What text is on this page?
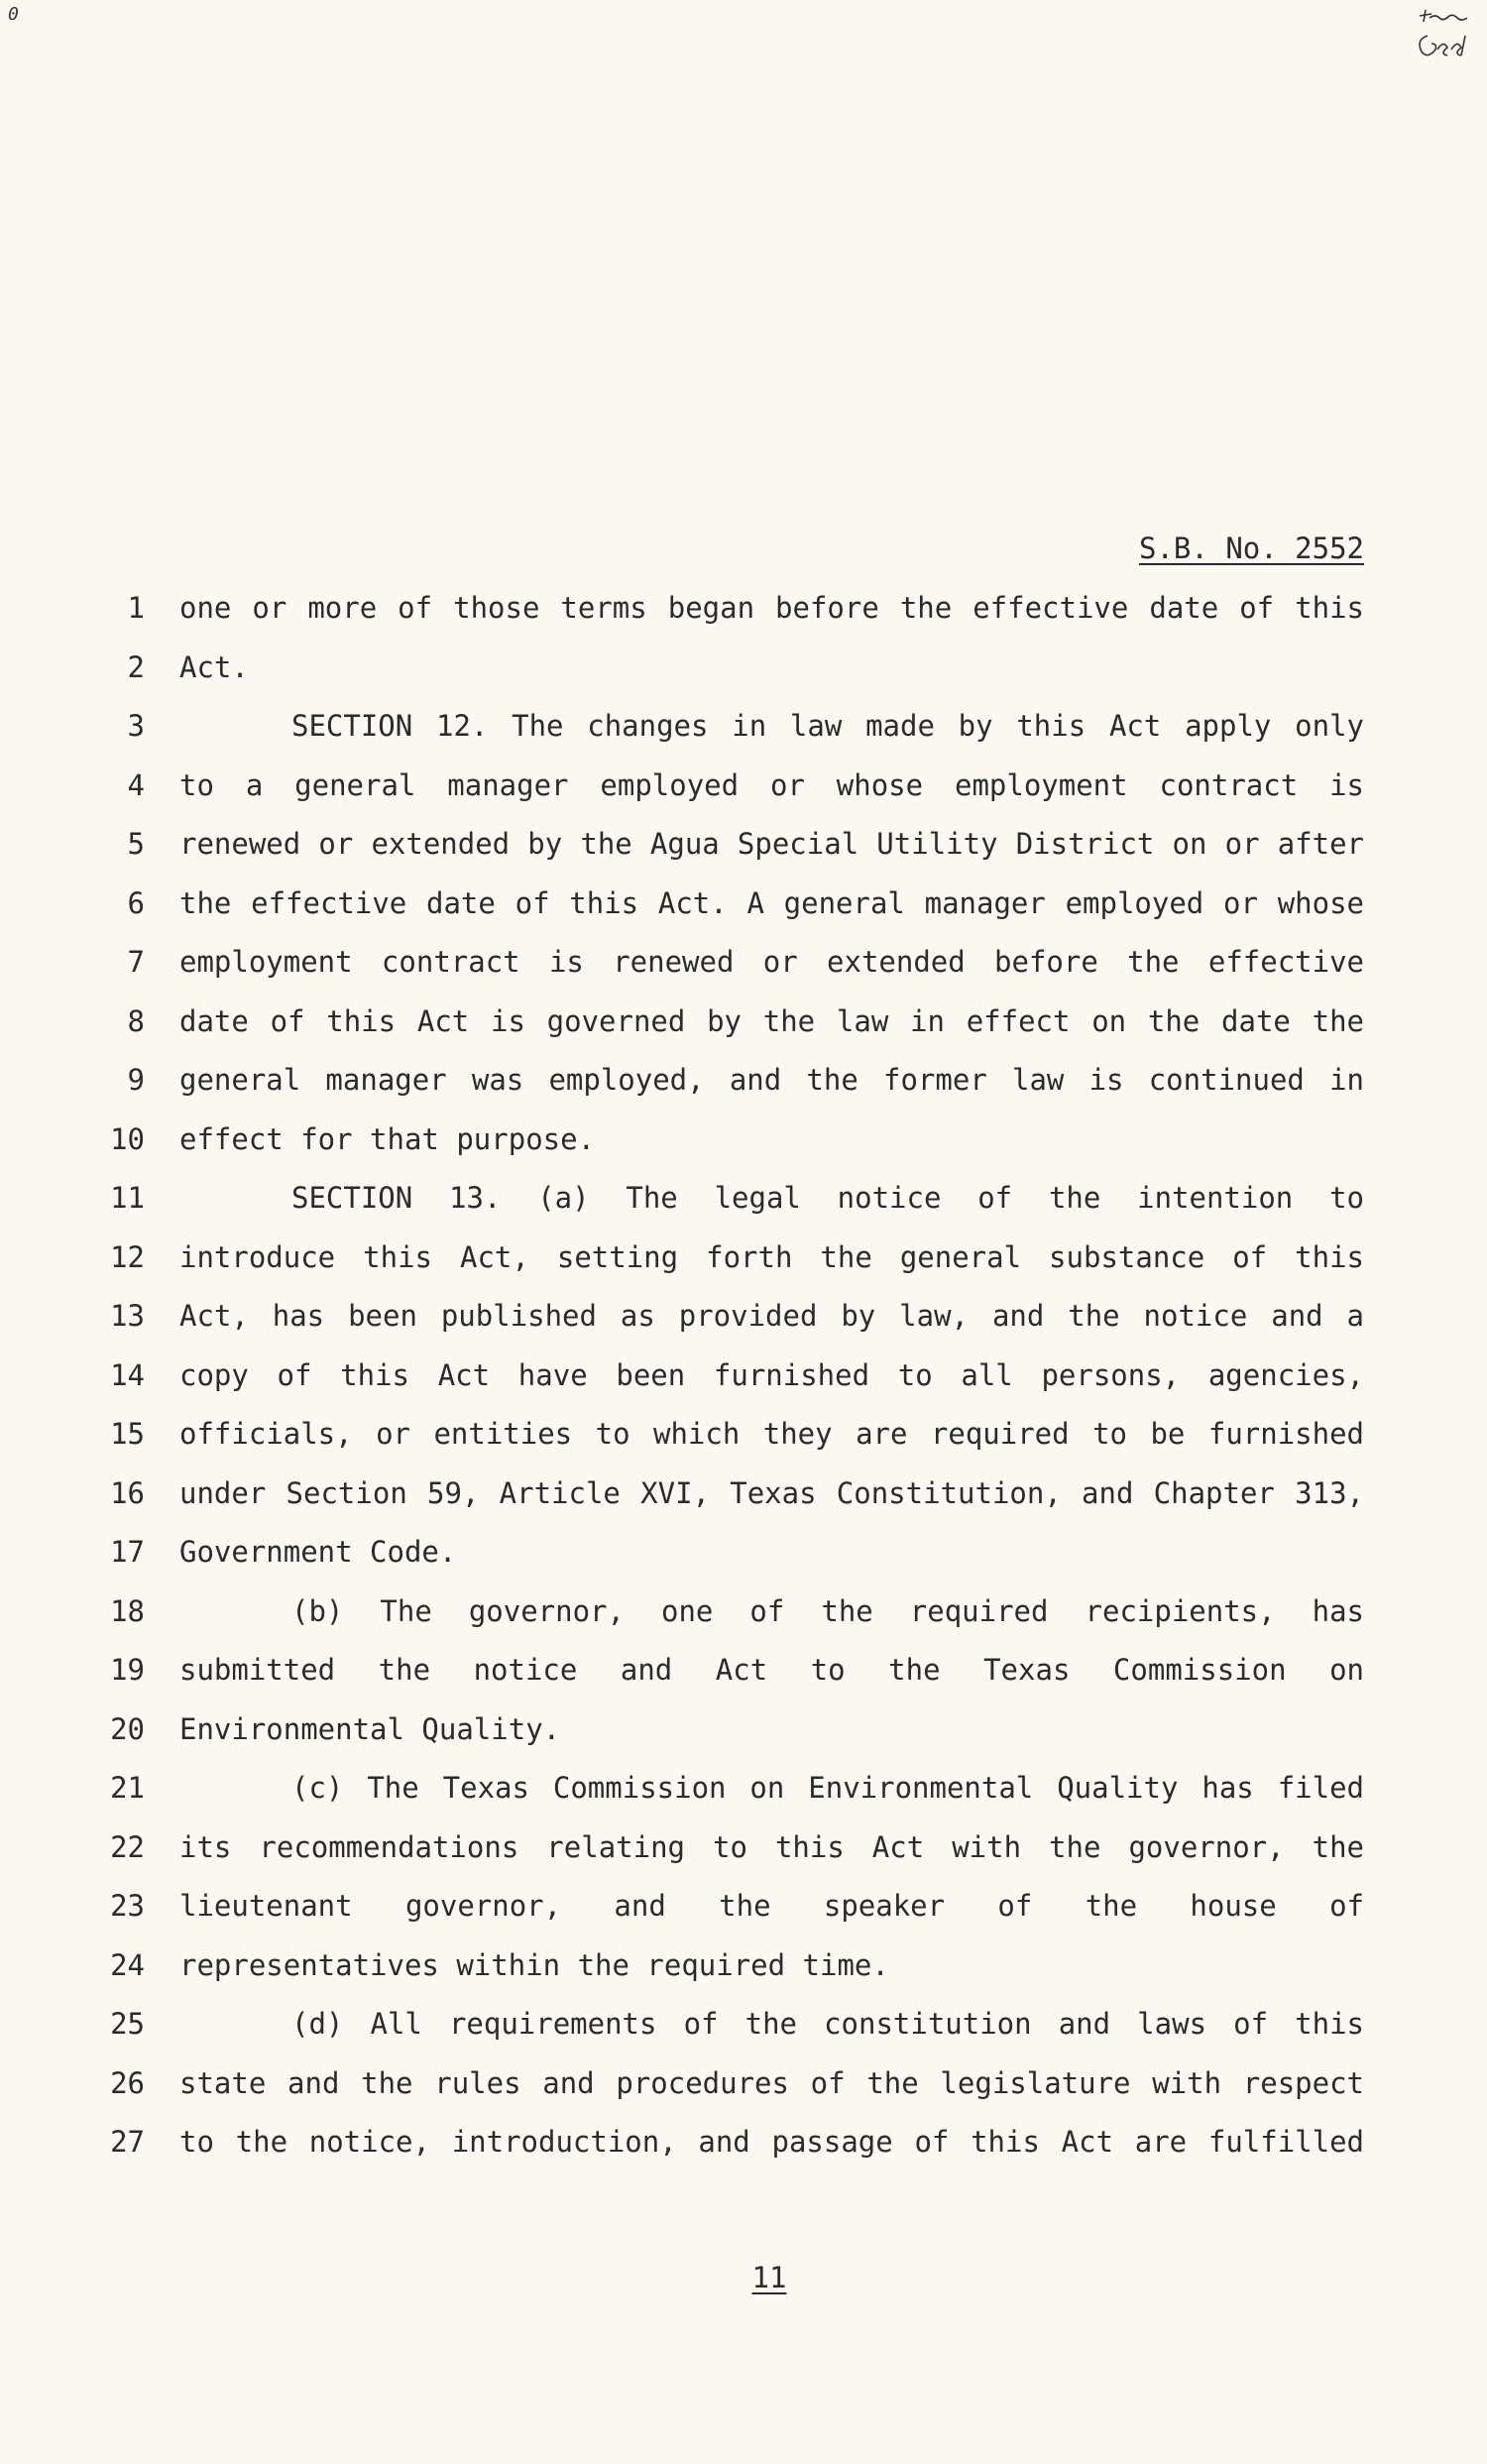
0
S.B. No. 2552
1 one or more of those terms began before the effective date of this
2 Act.
3	SECTION 12. The changes in law made by this Act apply only
4 to a general manager employed or whose employment contract is
5 renewed or extended by the Agua Special Utility District on or after
6 the effective date of this Act. A general manager employed or whose
7 employment contract is renewed or extended before the effective
8 date of this Act is governed by the law in effect on the date the
9 general manager was employed, and the former law is continued in
10 effect for that purpose.
11	SECTION 13. (a) The legal notice of the intention to
12 introduce this Act, setting forth the general substance of this
13 Act, has been published as provided by law, and the notice and a
14 copy of this Act have been furnished to all persons, agencies,
15 officials, or entities to which they are required to be furnished
16 under Section 59, Article XVI, Texas Constitution, and Chapter 313,
17 Government Code.
18	(b) The governor, one of the required recipients, has
19 submitted the notice and Act to the Texas Commission on
20 Environmental Quality.
21	(c) The Texas Commission on Environmental Quality has filed
22 its recommendations relating to this Act with the governor, the
23 lieutenant governor, and the speaker of the house of
24 representatives within the required time.
25	(d) All requirements of the constitution and laws of this
26 state and the rules and procedures of the legislature with respect
27 to the notice, introduction, and passage of this Act are fulfilled
11
